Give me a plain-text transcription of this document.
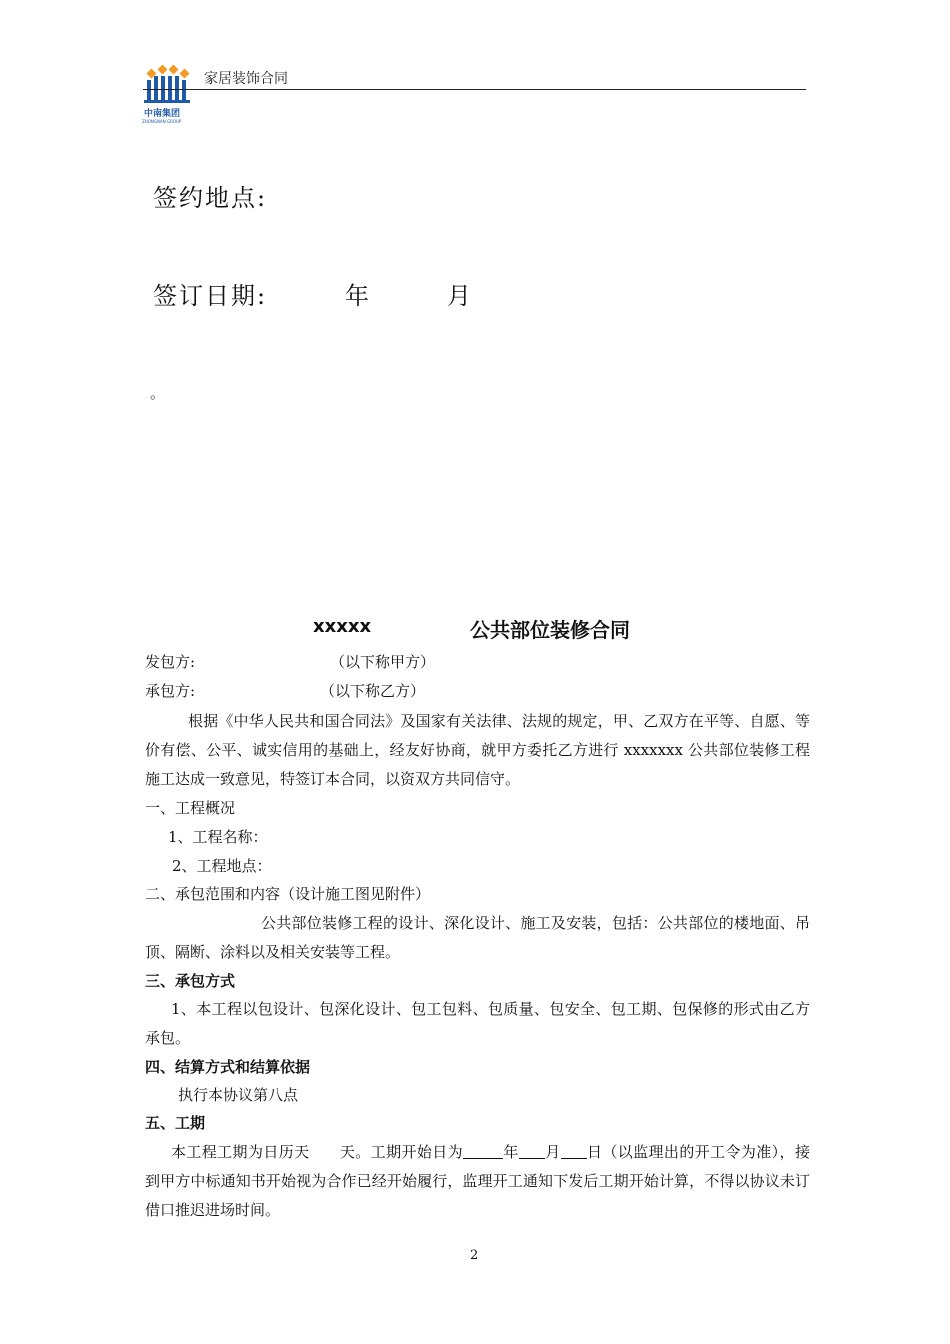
中南集团
ZHONGNAN GROUP
家居装饰合同
签约地点:
签订日期:	年	月
。
xxxxx	公共部位装修合同
发包方:	（以下称甲方）
承包方:	（以下称乙方）
根据《中华人民共和国合同法》及国家有关法律、法规的规定，甲、乙双方在平等、自愿、等价有偿、公平、诚实信用的基础上，经友好协商，就甲方委托乙方进行 xxxxxxx 公共部位装修工程施工达成一致意见，特签订本合同，以资双方共同信守。
一、工程概况
1、工程名称：
2、工程地点：
二、承包范围和内容（设计施工图见附件）
公共部位装修工程的设计、深化设计、施工及安装，包括：公共部位的楼地面、吊顶、隔断、涂料以及相关安装等工程。
三、承包方式
1、本工程以包设计、包深化设计、包工包料、包质量、包安全、包工期、包保修的形式由乙方承包。
四、结算方式和结算依据
执行本协议第八点
五、工期
本工程工期为日历天 天。工期开始日为	年 月 日（以监理出的开工令为准），接到甲方中标通知书开始视为合作已经开始履行，监理开工通知下发后工期开始计算，不得以协议未订借口推迟进场时间。
2
